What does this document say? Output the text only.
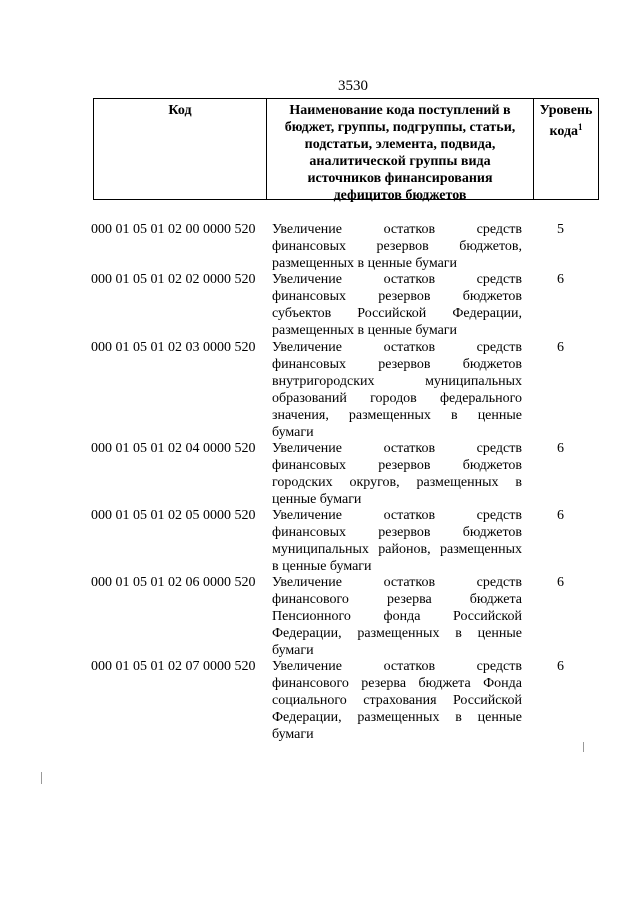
3530
Код	Наименование кода поступлений в
бюджет, группы, подгруппы, статьи,
подстатьи, элемента, подвида,
аналитической группы вида
источников финансирования
дефицитов бюджетов
Уровень
кода$^1$
000 01 05 01 02 00 0000 520 Увеличение остатков средств
финансовых резервов бюджетов,
размещенных в ценные бумаги
5
000 01 05 01 02 02 0000 520 Увеличение остатков средств
финансовых резервов бюджетов
субъектов Российской Федерации,
размещенных в ценные бумаги
6
000 01 05 01 02 03 0000 520 Увеличение остатков средств
финансовых резервов бюджетов
внутригородских муниципальных
образований городов федерального
значения, размещенных в ценные
бумаги
6
000 01 05 01 02 04 0000 520 Увеличение остатков средств
финансовых резервов бюджетов
городских округов, размещенных в
ценные бумаги
6
000 01 05 01 02 05 0000 520 Увеличение остатков средств
финансовых резервов бюджетов
муниципальных районов, размещенных
в ценные бумаги
6
000 01 05 01 02 06 0000 520 Увеличение остатков средств
финансового резерва бюджета
Пенсионного фонда Российской
Федерации, размещенных в ценные
бумаги
6
000 01 05 01 02 07 0000 520 Увеличение остатков средств
финансового резерва бюджета Фонда
социального страхования Российской
Федерации, размещенных в ценные
бумаги
6
